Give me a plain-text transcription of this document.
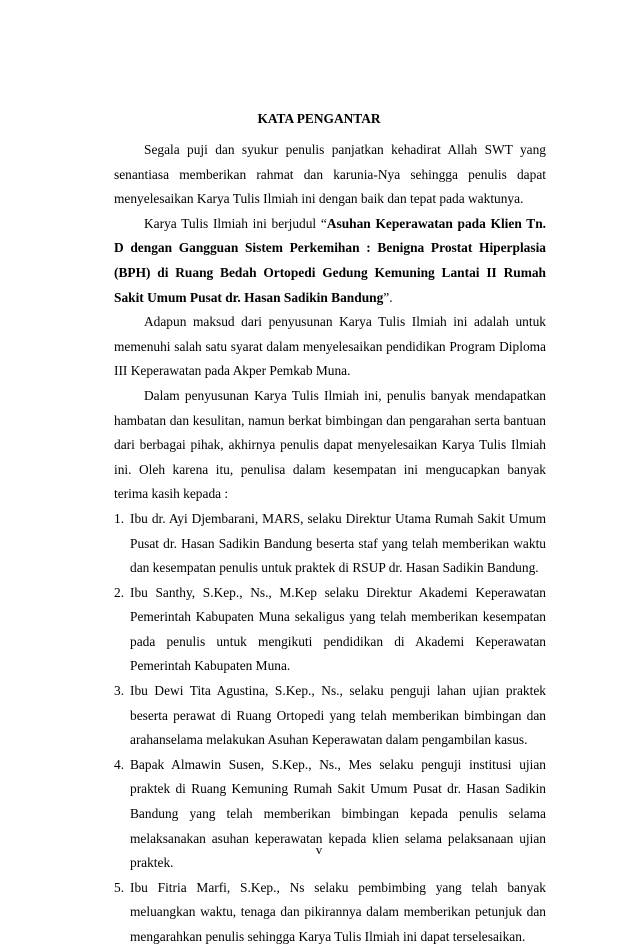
KATA PENGANTAR

Segala puji dan syukur penulis panjatkan kehadirat Allah SWT yang senantiasa memberikan rahmat dan karunia-Nya sehingga penulis dapat menyelesaikan Karya Tulis Ilmiah ini dengan baik dan tepat pada waktunya.

Karya Tulis Ilmiah ini berjudul “Asuhan Keperawatan pada Klien Tn. D dengan Gangguan Sistem Perkemihan : Benigna Prostat Hiperplasia (BPH) di Ruang Bedah Ortopedi Gedung Kemuning Lantai II Rumah Sakit Umum Pusat dr. Hasan Sadikin Bandung”.

Adapun maksud dari penyusunan Karya Tulis Ilmiah ini adalah untuk memenuhi salah satu syarat dalam menyelesaikan pendidikan Program Diploma III Keperawatan pada Akper Pemkab Muna.

Dalam penyusunan Karya Tulis Ilmiah ini, penulis banyak mendapatkan hambatan dan kesulitan, namun berkat bimbingan dan pengarahan serta bantuan dari berbagai pihak, akhirnya penulis dapat menyelesaikan Karya Tulis Ilmiah ini. Oleh karena itu, penulisa dalam kesempatan ini mengucapkan banyak terima kasih kepada :

1. Ibu dr. Ayi Djembarani, MARS, selaku Direktur Utama Rumah Sakit Umum Pusat dr. Hasan Sadikin Bandung beserta staf yang telah memberikan waktu dan kesempatan penulis untuk praktek di RSUP dr. Hasan Sadikin Bandung.
2. Ibu Santhy, S.Kep., Ns., M.Kep selaku Direktur Akademi Keperawatan Pemerintah Kabupaten Muna sekaligus yang telah memberikan kesempatan pada penulis untuk mengikuti pendidikan di Akademi Keperawatan Pemerintah Kabupaten Muna.
3. Ibu Dewi Tita Agustina, S.Kep., Ns., selaku penguji lahan ujian praktek beserta perawat di Ruang Ortopedi yang telah memberikan bimbingan dan arahanselama melakukan Asuhan Keperawatan dalam pengambilan kasus.
4. Bapak Almawin Susen, S.Kep., Ns., Mes selaku penguji institusi ujian praktek di Ruang Kemuning Rumah Sakit Umum Pusat dr. Hasan Sadikin Bandung yang telah memberikan bimbingan kepada penulis selama melaksanakan asuhan keperawatan kepada klien selama pelaksanaan ujian praktek.
5. Ibu Fitria Marfi, S.Kep., Ns selaku pembimbing yang telah banyak meluangkan waktu, tenaga dan pikirannya dalam memberikan petunjuk dan mengarahkan penulis sehingga Karya Tulis Ilmiah ini dapat terselesaikan.
v
